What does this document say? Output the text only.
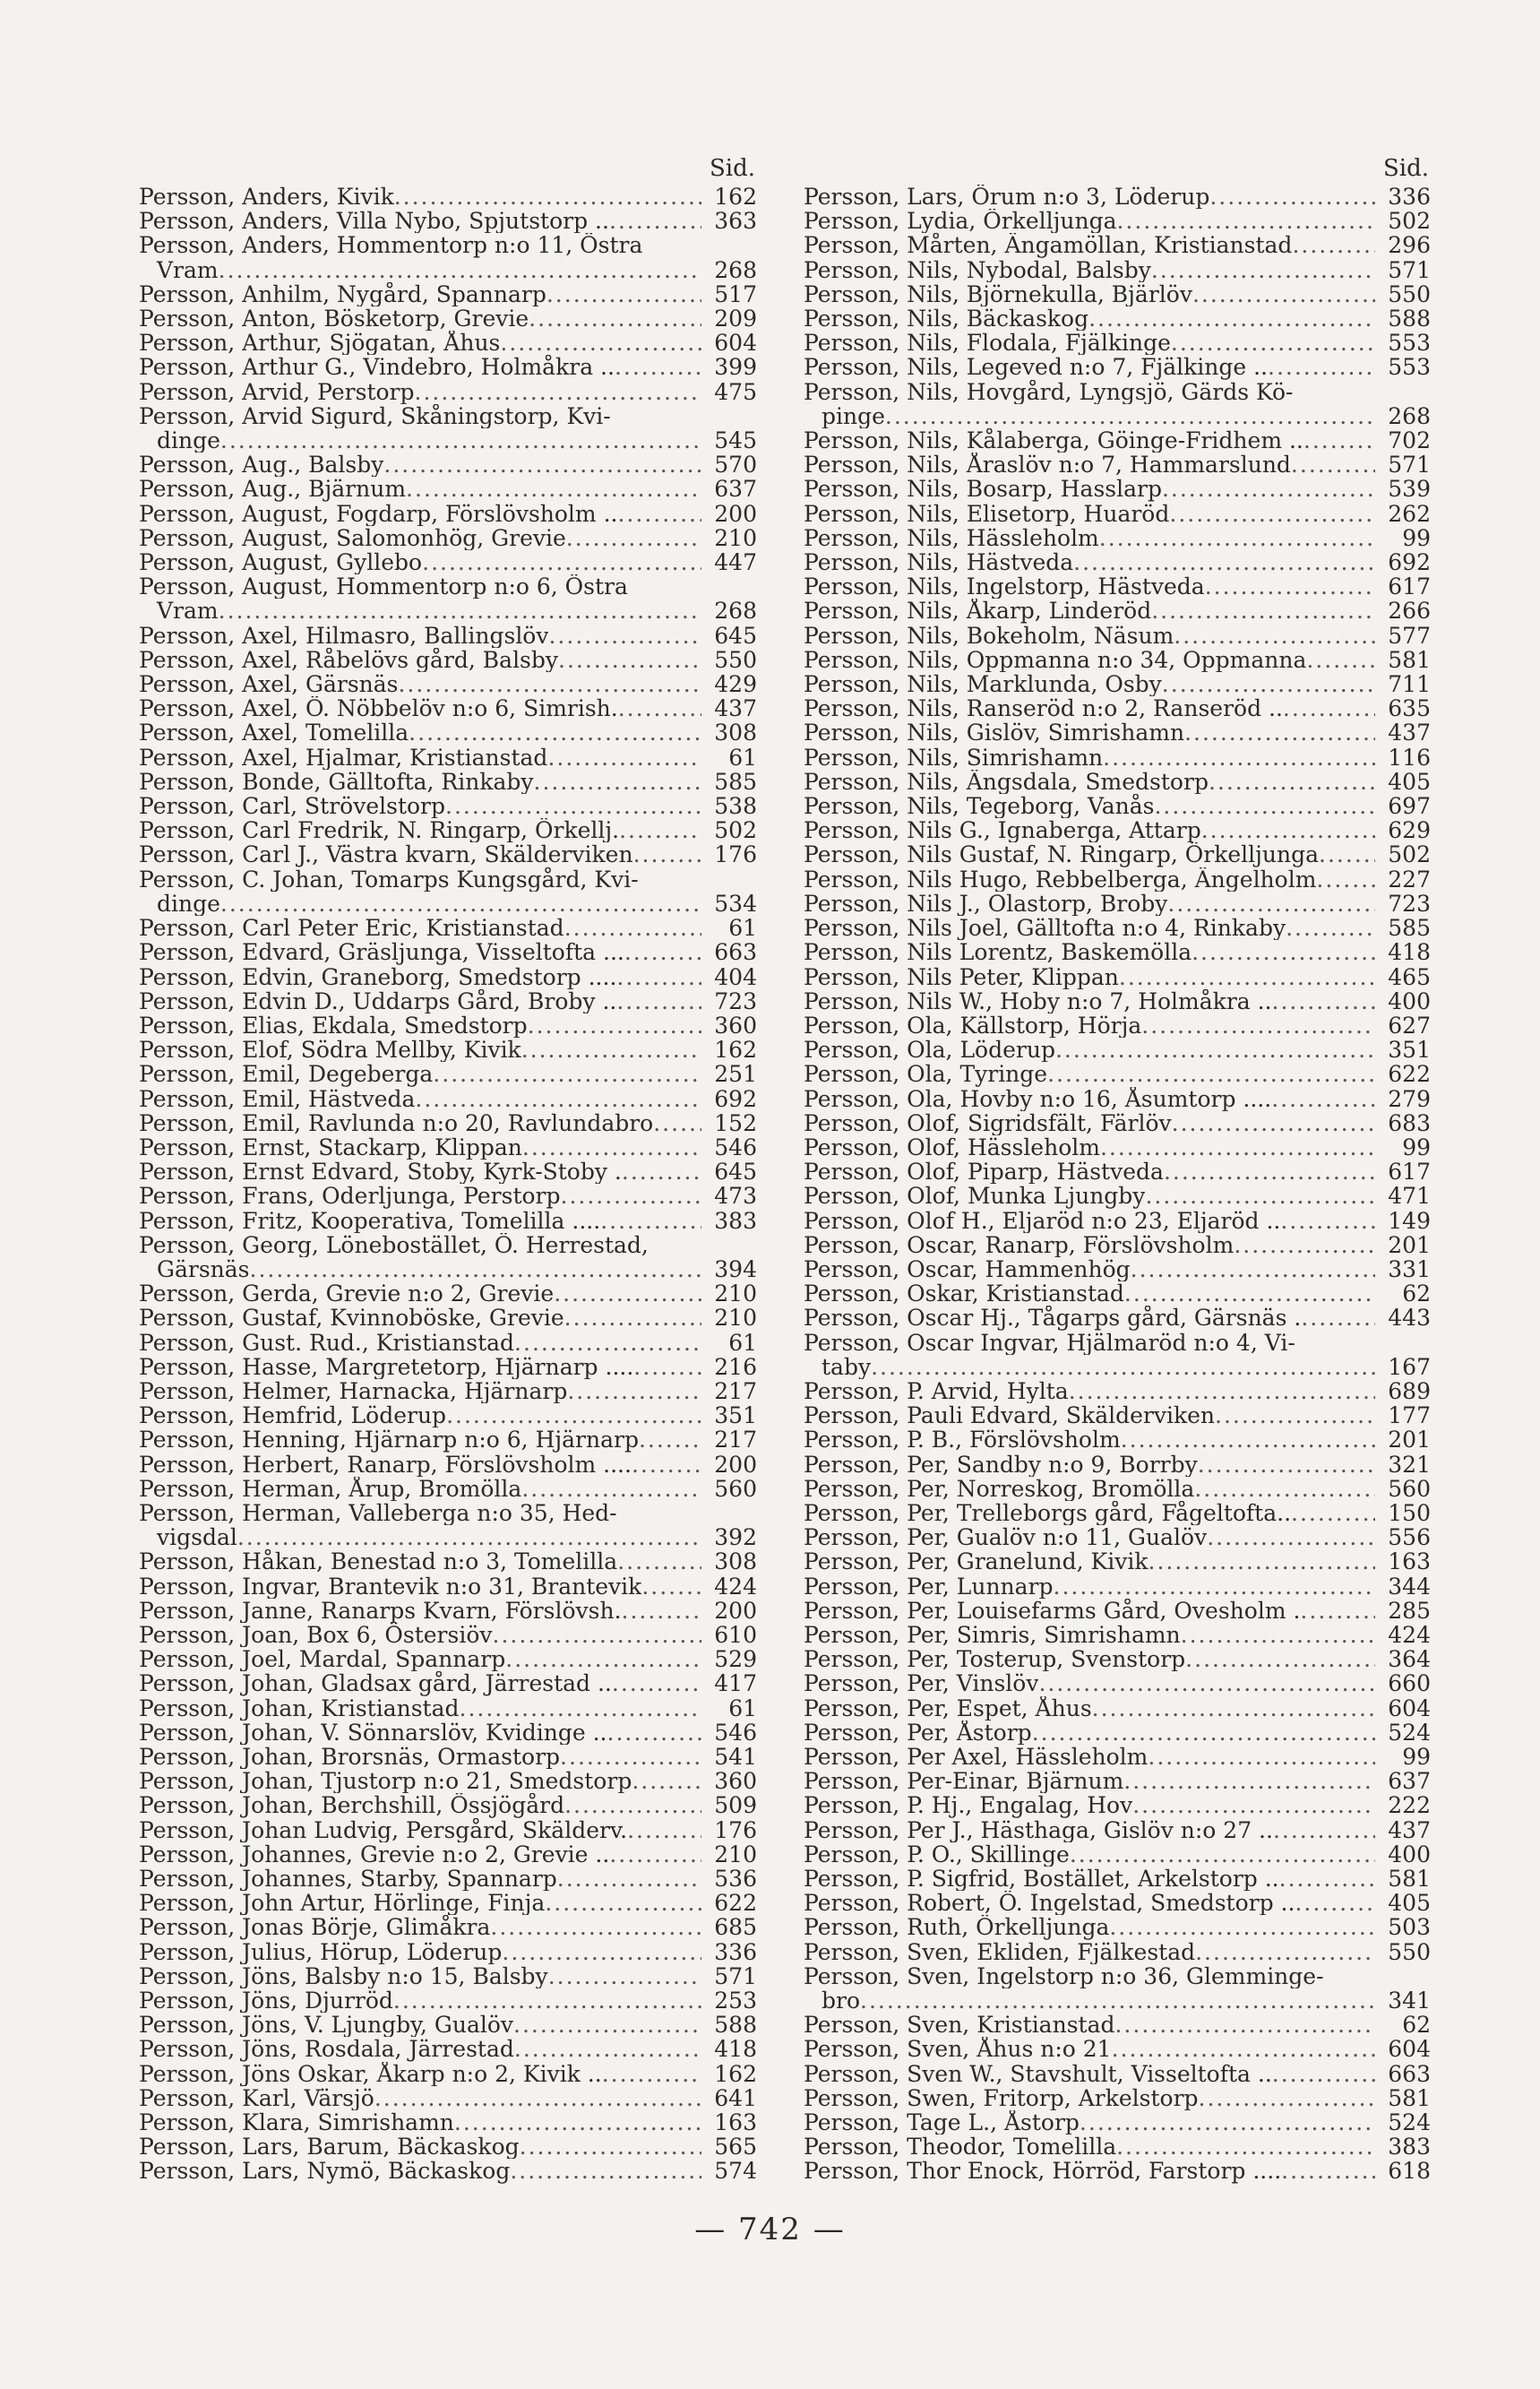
Sid.
Persson, Anders, Kivik .....	162
Persson, Anders, Villa Nybo, Spjutstorp .. .....	363
Persson, Anders, Hommentorp n:o 11, Östra
Vram .....	268
Persson, Anhilm, Nygård, Spannarp .....	517
Persson, Anton, Bösketorp, Grevie .....	209
Persson, Arthur, Sjögatan, Åhus .....	604
Persson, Arthur G., Vindebro, Holmåkra .. .....	399
Persson, Arvid, Perstorp .....	475
Persson, Arvid Sigurd, Skåningstorp, Kvi-
dinge .....	545
Persson, Aug., Balsby .....	570
Persson, Aug., Bjärnum .....	637
Persson, August, Fogdarp, Förslövsholm .. .....	200
Persson, August, Salomonhög, Grevie .....	210
Persson, August, Gyllebo .....	447
Persson, August, Hommentorp n:o 6, Östra
Vram .....	268
Persson, Axel, Hilmasro, Ballingslöv .....	645
Persson, Axel, Råbelövs gård, Balsby .....	550
Persson, Axel, Gärsnäs .....	429
Persson, Axel, Ö. Nöbbelöv n:o 6, Simrish. .....	437
Persson, Axel, Tomelilla .....	308
Persson, Axel, Hjalmar, Kristianstad .....	61
Persson, Bonde, Gälltofta, Rinkaby .....	585
Persson, Carl, Strövelstorp .....	538
Persson, Carl Fredrik, N. Ringarp, Örkellj. .....	502
Persson, Carl J., Västra kvarn, Skälderviken .....	176
Persson, C. Johan, Tomarps Kungsgård, Kvi-
dinge .....	534
Persson, Carl Peter Eric, Kristianstad .....	61
Persson, Edvard, Gräsljunga, Visseltofta ... .....	663
Persson, Edvin, Graneborg, Smedstorp .... .....	404
Persson, Edvin D., Uddarps Gård, Broby .. .....	723
Persson, Elias, Ekdala, Smedstorp .....	360
Persson, Elof, Södra Mellby, Kivik .....	162
Persson, Emil, Degeberga .....	251
Persson, Emil, Hästveda .....	692
Persson, Emil, Ravlunda n:o 20, Ravlundabro .....	152
Persson, Ernst, Stackarp, Klippan .....	546
Persson, Ernst Edvard, Stoby, Kyrk-Stoby . .....	645
Persson, Frans, Oderljunga, Perstorp .....	473
Persson, Fritz, Kooperativa, Tomelilla .... .....	383
Persson, Georg, Lönebostället, Ö. Herrestad,
Gärsnäs .....	394
Persson, Gerda, Grevie n:o 2, Grevie .....	210
Persson, Gustaf, Kvinnoböske, Grevie .....	210
Persson, Gust. Rud., Kristianstad .....	61
Persson, Hasse, Margretetorp, Hjärnarp .... .....	216
Persson, Helmer, Harnacka, Hjärnarp .....	217
Persson, Hemfrid, Löderup .....	351
Persson, Henning, Hjärnarp n:o 6, Hjärnarp .....	217
Persson, Herbert, Ranarp, Förslövsholm .... .....	200
Persson, Herman, Årup, Bromölla .....	560
Persson, Herman, Valleberga n:o 35, Hed-
vigsdal .....	392
Persson, Håkan, Benestad n:o 3, Tomelilla .....	308
Persson, Ingvar, Brantevik n:o 31, Brantevik .....	424
Persson, Janne, Ranarps Kvarn, Förslövsh. .....	200
Persson, Joan, Box 6, Östersiöv .....	610
Persson, Joel, Mardal, Spannarp .....	529
Persson, Johan, Gladsax gård, Järrestad .. .....	417
Persson, Johan, Kristianstad .....	61
Persson, Johan, V. Sönnarslöv, Kvidinge .. .....	546
Persson, Johan, Brorsnäs, Ormastorp .....	541
Persson, Johan, Tjustorp n:o 21, Smedstorp .....	360
Persson, Johan, Berchshill, Össjögård .....	509
Persson, Johan Ludvig, Persgård, Skälderv. .....	176
Persson, Johannes, Grevie n:o 2, Grevie .. .....	210
Persson, Johannes, Starby, Spannarp .....	536
Persson, John Artur, Hörlinge, Finja .....	622
Persson, Jonas Börje, Glimåkra .....	685
Persson, Julius, Hörup, Löderup .....	336
Persson, Jöns, Balsby n:o 15, Balsby .....	571
Persson, Jöns, Djurröd .....	253
Persson, Jöns, V. Ljungby, Gualöv .....	588
Persson, Jöns, Rosdala, Järrestad .....	418
Persson, Jöns Oskar, Åkarp n:o 2, Kivik .. .....	162
Persson, Karl, Värsjö .....	641
Persson, Klara, Simrishamn .....	163
Persson, Lars, Barum, Bäckaskog .....	565
Persson, Lars, Nymö, Bäckaskog .....	574
Sid.
Persson, Lars, Örum n:o 3, Löderup .....	336
Persson, Lydia, Örkelljunga .....	502
Persson, Mårten, Ängamöllan, Kristianstad .....	296
Persson, Nils, Nybodal, Balsby .....	571
Persson, Nils, Björnekulla, Bjärlöv .....	550
Persson, Nils, Bäckaskog .....	588
Persson, Nils, Flodala, Fjälkinge .....	553
Persson, Nils, Legeved n:o 7, Fjälkinge .. .....	553
Persson, Nils, Hovgård, Lyngsjö, Gärds Kö-
pinge .....	268
Persson, Nils, Kålaberga, Göinge-Fridhem .. .....	702
Persson, Nils, Åraslöv n:o 7, Hammarslund .....	571
Persson, Nils, Bosarp, Hasslarp .....	539
Persson, Nils, Elisetorp, Huaröd .....	262
Persson, Nils, Hässleholm .....	99
Persson, Nils, Hästveda .....	692
Persson, Nils, Ingelstorp, Hästveda .....	617
Persson, Nils, Åkarp, Linderöd .....	266
Persson, Nils, Bokeholm, Näsum .....	577
Persson, Nils, Oppmanna n:o 34, Oppmanna .....	581
Persson, Nils, Marklunda, Osby .....	711
Persson, Nils, Ranseröd n:o 2, Ranseröd .. .....	635
Persson, Nils, Gislöv, Simrishamn .....	437
Persson, Nils, Simrishamn .....	116
Persson, Nils, Ängsdala, Smedstorp .....	405
Persson, Nils, Tegeborg, Vanås .....	697
Persson, Nils G., Ignaberga, Attarp .....	629
Persson, Nils Gustaf, N. Ringarp, Örkelljunga .....	502
Persson, Nils Hugo, Rebbelberga, Ängelholm .....	227
Persson, Nils J., Olastorp, Broby .....	723
Persson, Nils Joel, Gälltofta n:o 4, Rinkaby .....	585
Persson, Nils Lorentz, Baskemölla .....	418
Persson, Nils Peter, Klippan .....	465
Persson, Nils W., Hoby n:o 7, Holmåkra .. .....	400
Persson, Ola, Källstorp, Hörja .....	627
Persson, Ola, Löderup .....	351
Persson, Ola, Tyringe .....	622
Persson, Ola, Hovby n:o 16, Åsumtorp .... .....	279
Persson, Olof, Sigridsfält, Färlöv .....	683
Persson, Olof, Hässleholm .....	99
Persson, Olof, Piparp, Hästveda .....	617
Persson, Olof, Munka Ljungby .....	471
Persson, Olof H., Eljaröd n:o 23, Eljaröd .. .....	149
Persson, Oscar, Ranarp, Förslövsholm .....	201
Persson, Oscar, Hammenhög .....	331
Persson, Oskar, Kristianstad .....	62
Persson, Oscar Hj., Tågarps gård, Gärsnäs . .....	443
Persson, Oscar Ingvar, Hjälmaröd n:o 4, Vi-
taby .....	167
Persson, P. Arvid, Hylta .....	689
Persson, Pauli Edvard, Skälderviken .....	177
Persson, P. B., Förslövsholm .....	201
Persson, Per, Sandby n:o 9, Borrby .....	321
Persson, Per, Norreskog, Bromölla .....	560
Persson, Per, Trelleborgs gård, Fågeltofta.. .....	150
Persson, Per, Gualöv n:o 11, Gualöv .....	556
Persson, Per, Granelund, Kivik .....	163
Persson, Per, Lunnarp .....	344
Persson, Per, Louisefarms Gård, Ovesholm . .....	285
Persson, Per, Simris, Simrishamn .....	424
Persson, Per, Tosterup, Svenstorp .....	364
Persson, Per, Vinslöv .....	660
Persson, Per, Espet, Åhus .....	604
Persson, Per, Åstorp .....	524
Persson, Per Axel, Hässleholm .....	99
Persson, Per-Einar, Bjärnum .....	637
Persson, P. Hj., Engalag, Hov .....	222
Persson, Per J., Hästhaga, Gislöv n:o 27 .. .....	437
Persson, P. O., Skillinge .....	400
Persson, P. Sigfrid, Bostället, Arkelstorp .. .....	581
Persson, Robert, Ö. Ingelstad, Smedstorp .. .....	405
Persson, Ruth, Örkelljunga .....	503
Persson, Sven, Ekliden, Fjälkestad .....	550
Persson, Sven, Ingelstorp n:o 36, Glemminge-
bro .....	341
Persson, Sven, Kristianstad .....	62
Persson, Sven, Åhus n:o 21 .....	604
Persson, Sven W., Stavshult, Visseltofta .. .....	663
Persson, Swen, Fritorp, Arkelstorp .....	581
Persson, Tage L., Åstorp .....	524
Persson, Theodor, Tomelilla .....	383
Persson, Thor Enock, Hörröd, Farstorp .... .....	618
— 742 —
